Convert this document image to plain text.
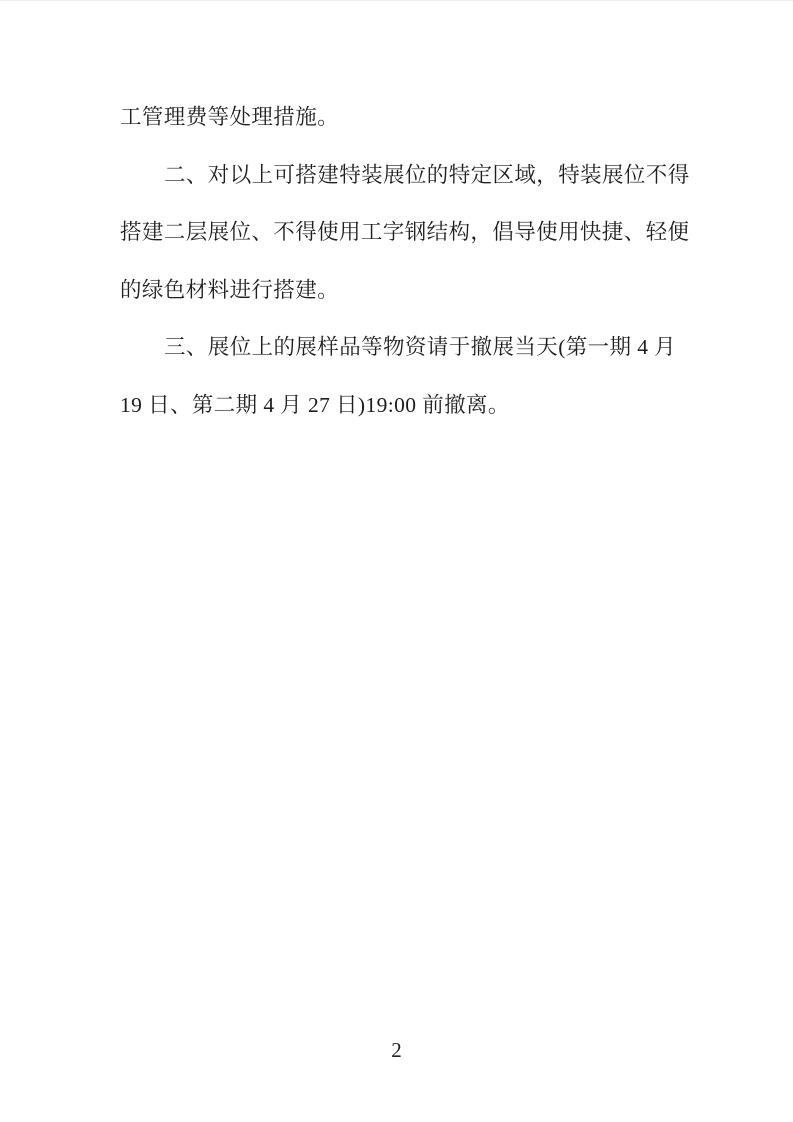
工管理费等处理措施。

二、对以上可搭建特装展位的特定区域，特装展位不得

搭建二层展位、不得使用工字钢结构，倡导使用快捷、轻便

的绿色材料进行搭建。

三、展位上的展样品等物资请于撤展当天(第一期 4 月

19 日、第二期 4 月 27 日)19:00 前撤离。

2
